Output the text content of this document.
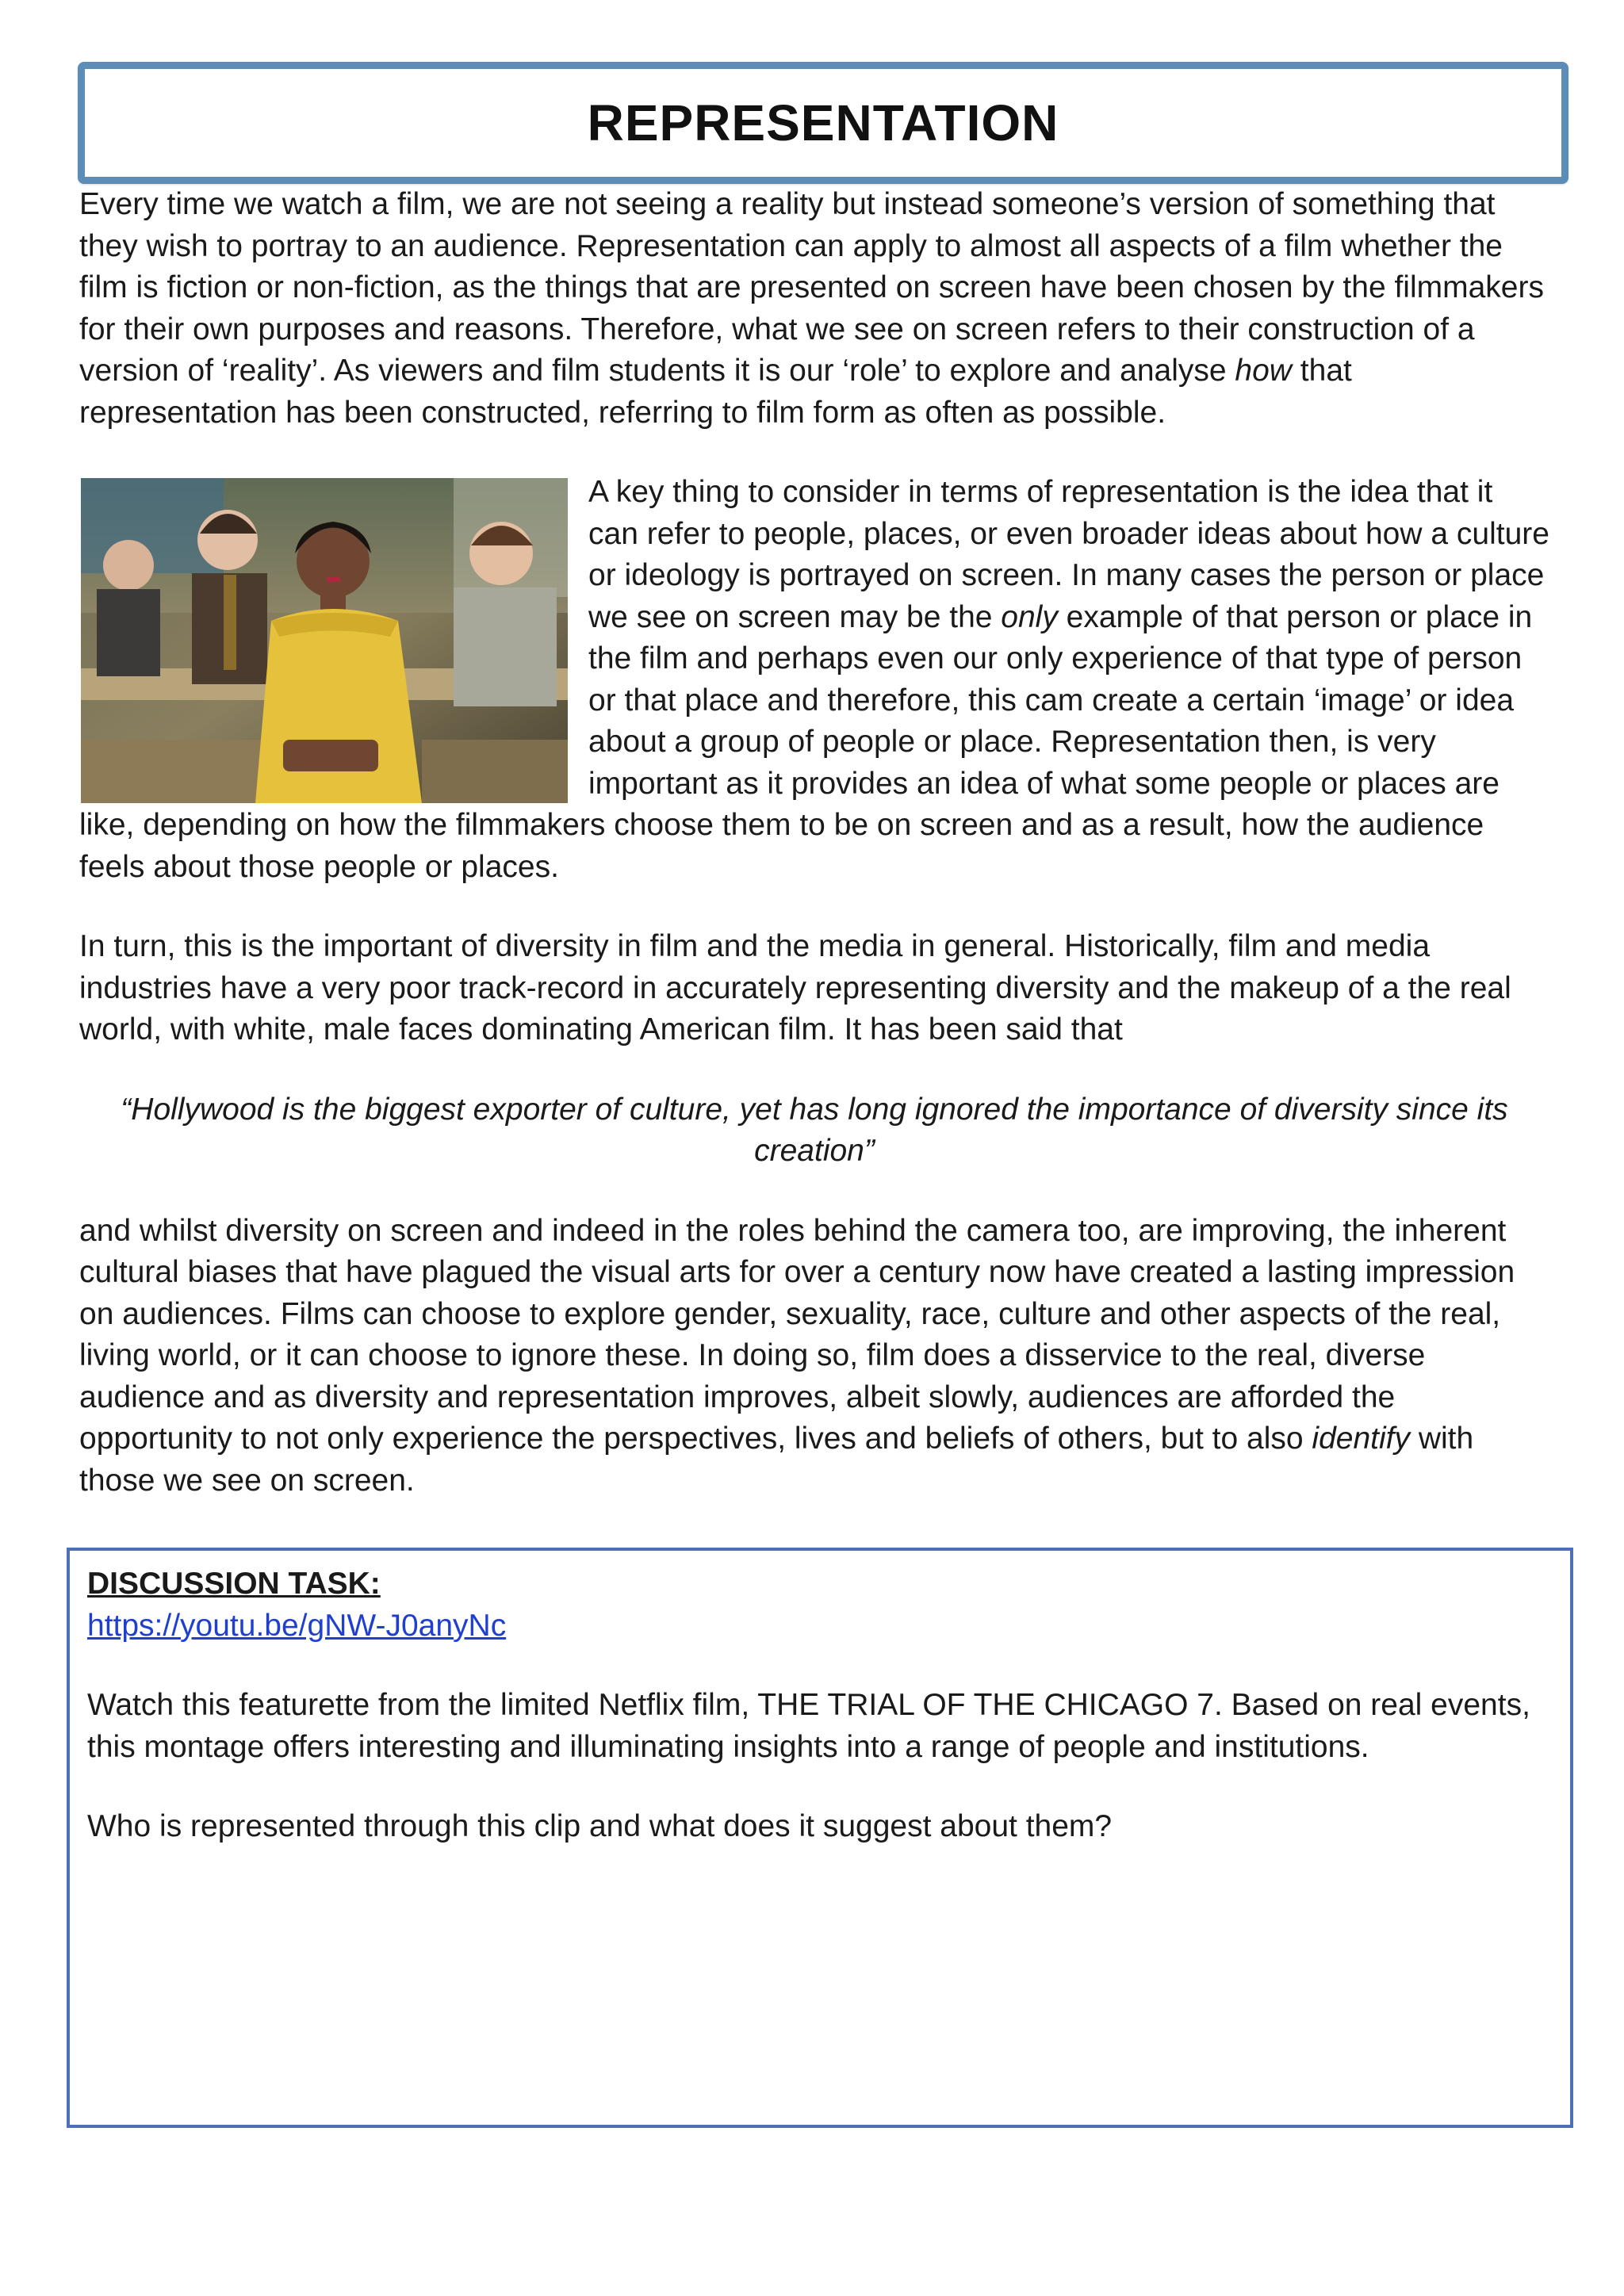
REPRESENTATION

Every time we watch a film, we are not seeing a reality but instead someone’s version of something that they wish to portray to an audience. Representation can apply to almost all aspects of a film whether the film is fiction or non-fiction, as the things that are presented on screen have been chosen by the filmmakers for their own purposes and reasons. Therefore, what we see on screen refers to their construction of a version of ‘reality’. As viewers and film students it is our ‘role’ to explore and analyse how that representation has been constructed, referring to film form as often as possible.

A key thing to consider in terms of representation is the idea that it can refer to people, places, or even broader ideas about how a culture or ideology is portrayed on screen. In many cases the person or place we see on screen may be the only example of that person or place in the film and perhaps even our only experience of that type of person or that place and therefore, this cam create a certain ‘image’ or idea about a group of people or place. Representation then, is very important as it provides an idea of what some people or places are like, depending on how the filmmakers choose them to be on screen and as a result, how the audience feels about those people or places.

In turn, this is the important of diversity in film and the media in general. Historically, film and media industries have a very poor track-record in accurately representing diversity and the makeup of a the real world, with white, male faces dominating American film. It has been said that

“Hollywood is the biggest exporter of culture, yet has long ignored the importance of diversity since its creation”

and whilst diversity on screen and indeed in the roles behind the camera too, are improving, the inherent cultural biases that have plagued the visual arts for over a century now have created a lasting impression on audiences. Films can choose to explore gender, sexuality, race, culture and other aspects of the real, living world, or it can choose to ignore these. In doing so, film does a disservice to the real, diverse audience and as diversity and representation improves, albeit slowly, audiences are afforded the opportunity to not only experience the perspectives, lives and beliefs of others, but to also identify with those we see on screen.

DISCUSSION TASK:
https://youtu.be/gNW-J0anyNc

Watch this featurette from the limited Netflix film, THE TRIAL OF THE CHICAGO 7. Based on real events, this montage offers interesting and illuminating insights into a range of people and institutions.

Who is represented through this clip and what does it suggest about them?
